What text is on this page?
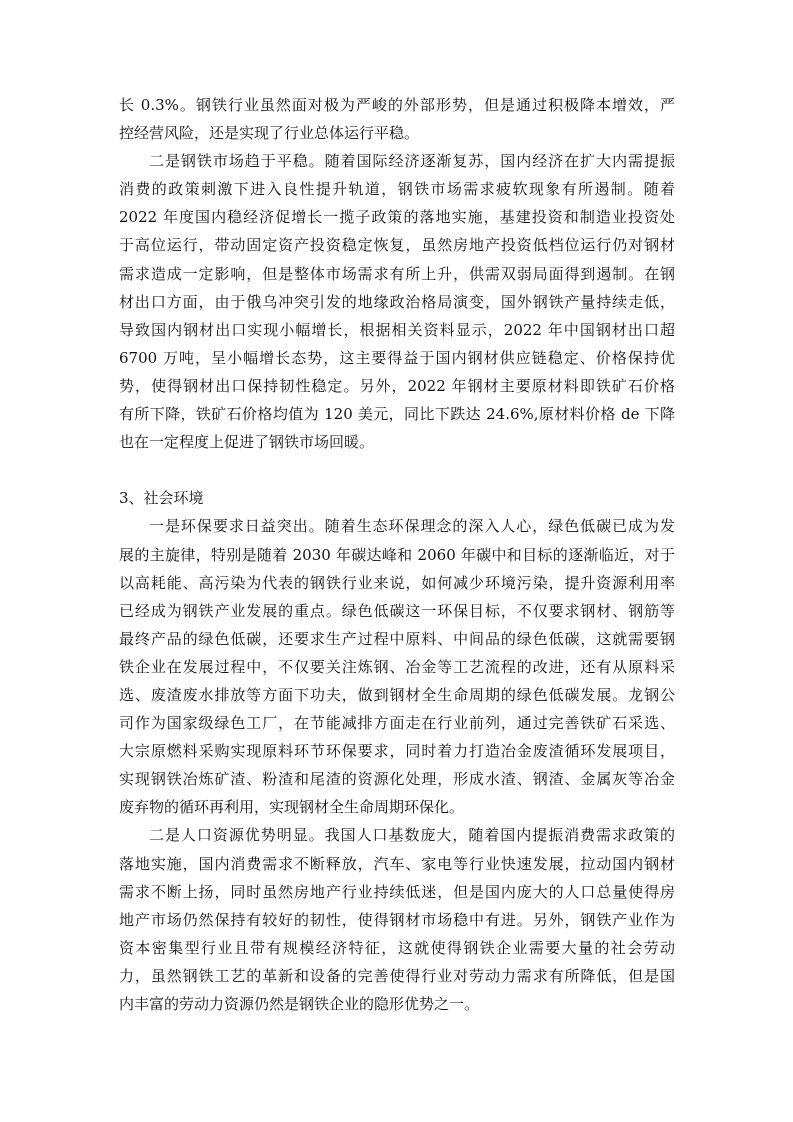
长 0.3%。钢铁行业虽然面对极为严峻的外部形势，但是通过积极降本增效，严
控经营风险，还是实现了行业总体运行平稳。
二是钢铁市场趋于平稳。随着国际经济逐渐复苏，国内经济在扩大内需提振
消费的政策刺激下进入良性提升轨道，钢铁市场需求疲软现象有所遏制。随着
2022 年度国内稳经济促增长一揽子政策的落地实施，基建投资和制造业投资处
于高位运行，带动固定资产投资稳定恢复，虽然房地产投资低档位运行仍对钢材
需求造成一定影响，但是整体市场需求有所上升，供需双弱局面得到遏制。在钢
材出口方面，由于俄乌冲突引发的地缘政治格局演变，国外钢铁产量持续走低，
导致国内钢材出口实现小幅增长，根据相关资料显示，2022 年中国钢材出口超
6700 万吨，呈小幅增长态势，这主要得益于国内钢材供应链稳定、价格保持优
势，使得钢材出口保持韧性稳定。另外，2022 年钢材主要原材料即铁矿石价格
有所下降，铁矿石价格均值为 120 美元，同比下跌达 24.6%,原材料价格 de 下降
也在一定程度上促进了钢铁市场回暖。
3、社会环境
一是环保要求日益突出。随着生态环保理念的深入人心，绿色低碳已成为发
展的主旋律，特别是随着 2030 年碳达峰和 2060 年碳中和目标的逐渐临近，对于
以高耗能、高污染为代表的钢铁行业来说，如何减少环境污染，提升资源利用率
已经成为钢铁产业发展的重点。绿色低碳这一环保目标，不仅要求钢材、钢筋等
最终产品的绿色低碳，还要求生产过程中原料、中间品的绿色低碳，这就需要钢
铁企业在发展过程中，不仅要关注炼钢、冶金等工艺流程的改进，还有从原料采
选、废渣废水排放等方面下功夫，做到钢材全生命周期的绿色低碳发展。龙钢公
司作为国家级绿色工厂，在节能减排方面走在行业前列，通过完善铁矿石采选、
大宗原燃料采购实现原料环节环保要求，同时着力打造冶金废渣循环发展项目，
实现钢铁冶炼矿渣、粉渣和尾渣的资源化处理，形成水渣、钢渣、金属灰等冶金
废弃物的循环再利用，实现钢材全生命周期环保化。
二是人口资源优势明显。我国人口基数庞大，随着国内提振消费需求政策的
落地实施，国内消费需求不断释放，汽车、家电等行业快速发展，拉动国内钢材
需求不断上扬，同时虽然房地产行业持续低迷，但是国内庞大的人口总量使得房
地产市场仍然保持有较好的韧性，使得钢材市场稳中有进。另外，钢铁产业作为
资本密集型行业且带有规模经济特征，这就使得钢铁企业需要大量的社会劳动
力，虽然钢铁工艺的革新和设备的完善使得行业对劳动力需求有所降低，但是国
内丰富的劳动力资源仍然是钢铁企业的隐形优势之一。
